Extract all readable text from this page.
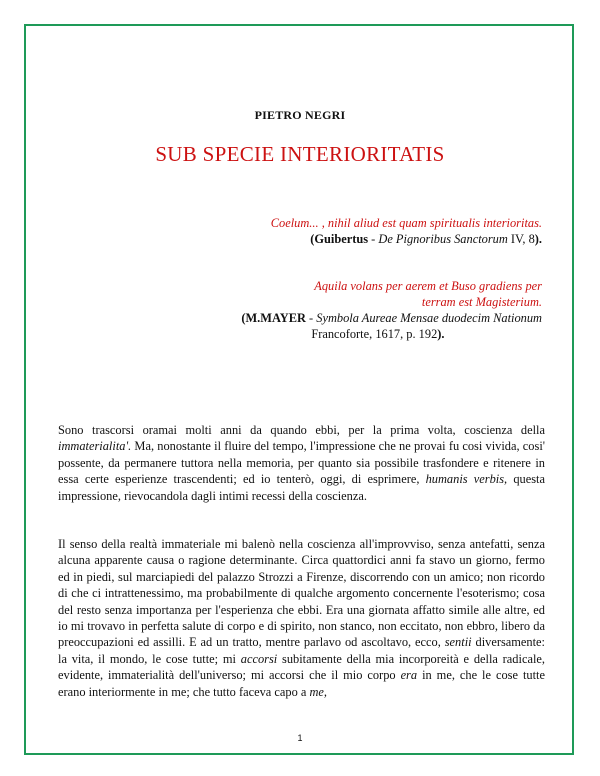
PIETRO NEGRI
SUB SPECIE INTERIORITATIS
Coelum... , nihil aliud est quam spiritualis interioritas.
(Guibertus - De Pignoribus Sanctorum IV, 8).
Aquila volans per aerem et Buso gradiens per
terram est Magisterium.
(M.MAYER - Symbola Aureae Mensae duodecim Nationum
Francoforte, 1617, p. 192).

Sono trascorsi oramai molti anni da quando ebbi, per la prima volta, coscienza della immaterialita'. Ma, nonostante il fluire del tempo, l'impressione che ne provai fu cosi vivida, cosi' possente, da permanere tuttora nella memoria, per quanto sia possibile trasfondere e ritenere in essa certe esperienze trascendenti; ed io tenterò, oggi, di esprimere, humanis verbis, questa impressione, rievocandola dagli intimi recessi della coscienza.

Il senso della realtà immateriale mi balenò nella coscienza all'improvviso, senza antefatti, senza alcuna apparente causa o ragione determinante. Circa quattordici anni fa stavo un giorno, fermo ed in piedi, sul marciapiedi del palazzo Strozzi a Firenze, discorrendo con un amico; non ricordo di che ci intrattenessimo, ma probabilmente di qualche argomento concernente l'esoterismo; cosa del resto senza importanza per l'esperienza che ebbi. Era una giornata affatto simile alle altre, ed io mi trovavo in perfetta salute di corpo e di spirito, non stanco, non eccitato, non ebbro, libero da preoccupazioni ed assilli. E ad un tratto, mentre parlavo od ascoltavo, ecco, sentii diversamente: la vita, il mondo, le cose tutte; mi accorsi subitamente della mia incorporeità e della radicale, evidente, immaterialità dell'universo; mi accorsi che il mio corpo era in me, che le cose tutte erano interiormente in me; che tutto faceva capo a me,

1
